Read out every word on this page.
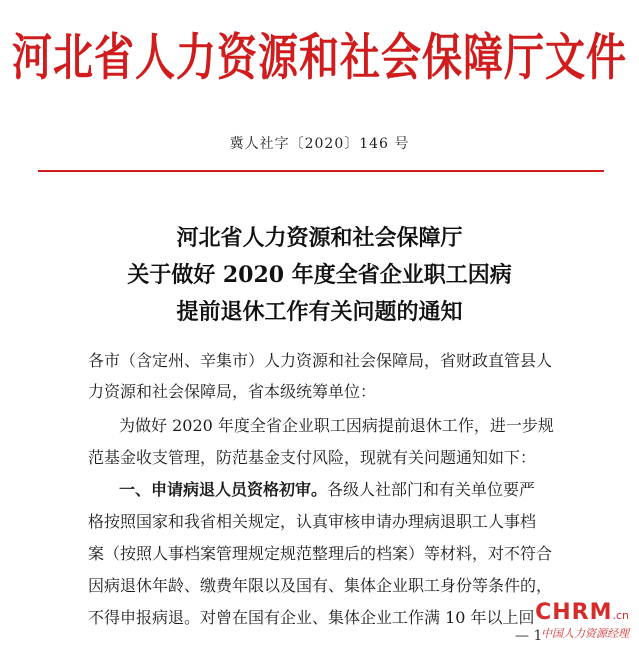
河北省人力资源和社会保障厅文件
冀人社字〔2020〕146 号
河北省人力资源和社会保障厅
关于做好 2020 年度全省企业职工因病
提前退休工作有关问题的通知
各市（含定州、辛集市）人力资源和社会保障局，省财政直管县人
力资源和社会保障局，省本级统筹单位：
为做好 2020 年度全省企业职工因病提前退休工作，进一步规
范基金收支管理，防范基金支付风险，现就有关问题通知如下：
一、申请病退人员资格初审。各级人社部门和有关单位要严
格按照国家和我省相关规定，认真审核申请办理病退职工人事档
案（按照人事档案管理规定规范整理后的档案）等材料，对不符合
因病退休年龄、缴费年限以及国有、集体企业职工身份等条件的，
不得申报病退。对曾在国有企业、集体企业工作满 10 年以上回
— 1
CHRM.cn
中国人力资源经理
